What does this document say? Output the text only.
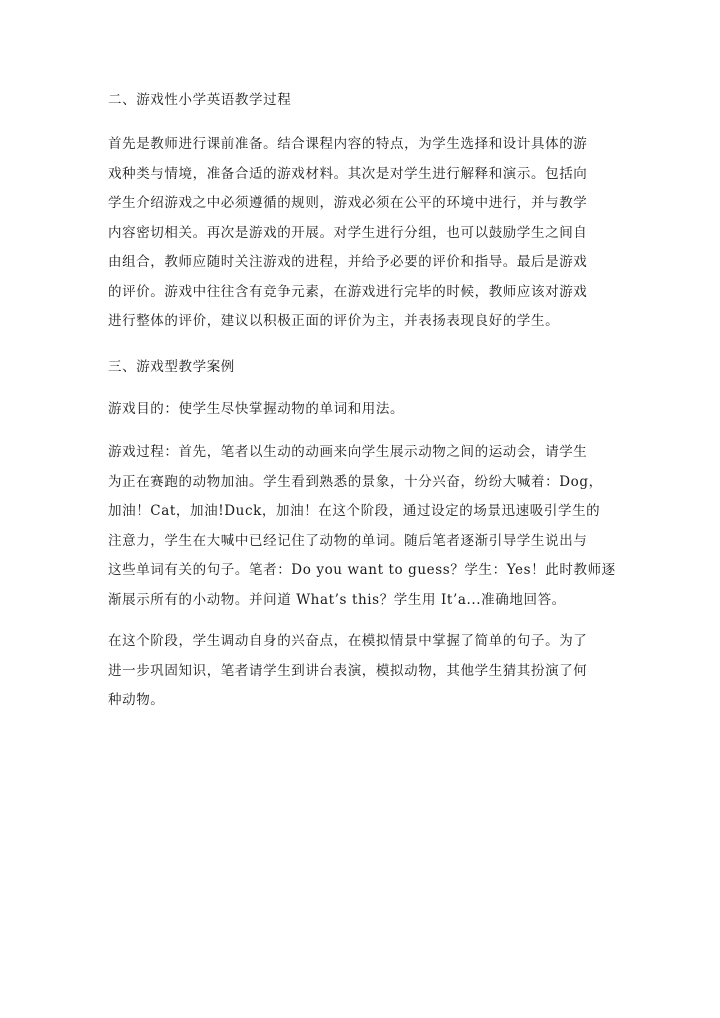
二、游戏性小学英语教学过程
首先是教师进行课前准备。结合课程内容的特点，为学生选择和设计具体的游
戏种类与情境，准备合适的游戏材料。其次是对学生进行解释和演示。包括向
学生介绍游戏之中必须遵循的规则，游戏必须在公平的环境中进行，并与教学
内容密切相关。再次是游戏的开展。对学生进行分组，也可以鼓励学生之间自
由组合，教师应随时关注游戏的进程，并给予必要的评价和指导。最后是游戏
的评价。游戏中往往含有竞争元素，在游戏进行完毕的时候，教师应该对游戏
进行整体的评价，建议以积极正面的评价为主，并表扬表现良好的学生。
三、游戏型教学案例
游戏目的：使学生尽快掌握动物的单词和用法。
游戏过程：首先，笔者以生动的动画来向学生展示动物之间的运动会，请学生
为正在赛跑的动物加油。学生看到熟悉的景象，十分兴奋，纷纷大喊着：Dog，
加油！Cat，加油!Duck，加油！在这个阶段，通过设定的场景迅速吸引学生的
注意力，学生在大喊中已经记住了动物的单词。随后笔者逐渐引导学生说出与
这些单词有关的句子。笔者：Do you want to guess？学生：Yes！此时教师逐
渐展示所有的小动物。并问道 What’s this？学生用 It’a...准确地回答。
在这个阶段，学生调动自身的兴奋点，在模拟情景中掌握了简单的句子。为了
进一步巩固知识，笔者请学生到讲台表演，模拟动物，其他学生猜其扮演了何
种动物。
